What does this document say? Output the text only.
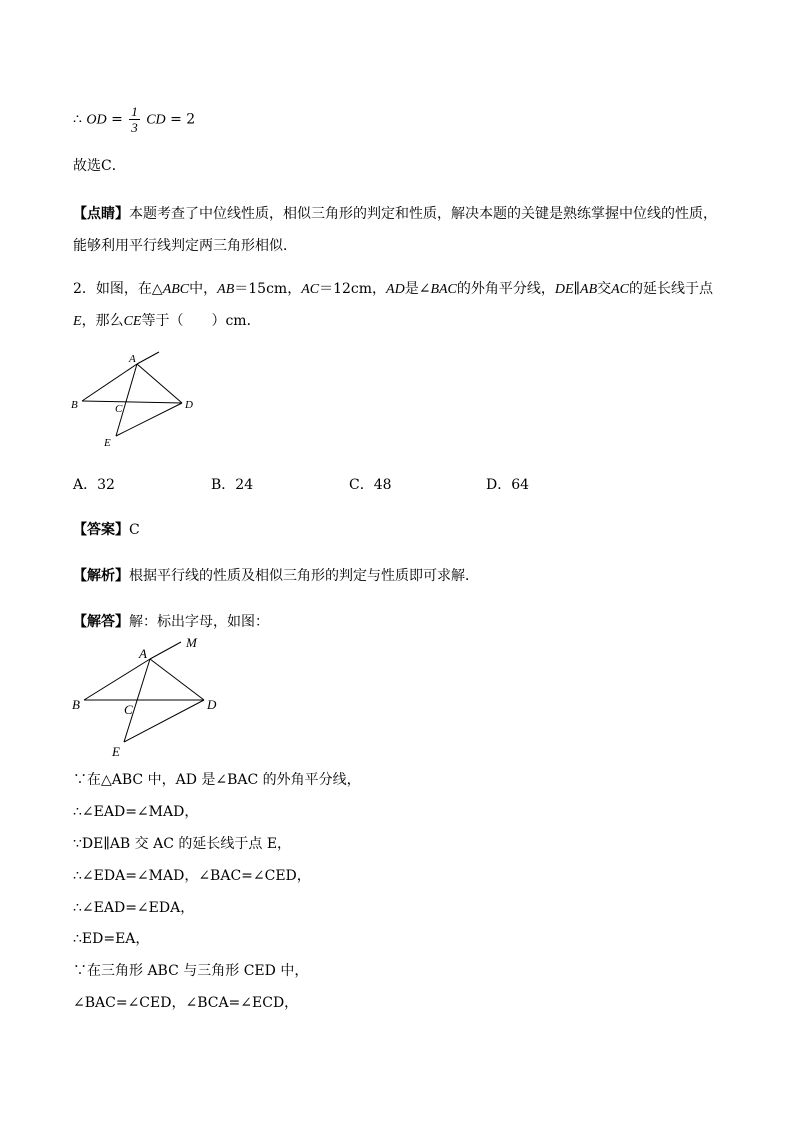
∴ OD = $\frac{1}{3}$ CD = 2
故选C．
【点睛】本题考查了中位线性质，相似三角形的判定和性质，解决本题的关键是熟练掌握中位线的性质，
能够利用平行线判定两三角形相似．
2．如图，在△ABC中，AB＝15cm，AC＝12cm，AD是∠BAC的外角平分线，DE∥AB交AC的延长线于点
E，那么CE等于（　　）cm．
A
B	C	D
E
A．32	B．24	C．48	D．64
【答案】C
【解析】根据平行线的性质及相似三角形的判定与性质即可求解．
【解答】解：标出字母，如图：
A
M
B	C	D
E
∵在△ABC 中，AD 是∠BAC 的外角平分线，
∴∠EAD=∠MAD，
∵DE∥AB 交 AC 的延长线于点 E，
∴∠EDA=∠MAD，∠BAC=∠CED，
∴∠EAD=∠EDA，
∴ED=EA，
∵在三角形 ABC 与三角形 CED 中，
∠BAC=∠CED，∠BCA=∠ECD，
